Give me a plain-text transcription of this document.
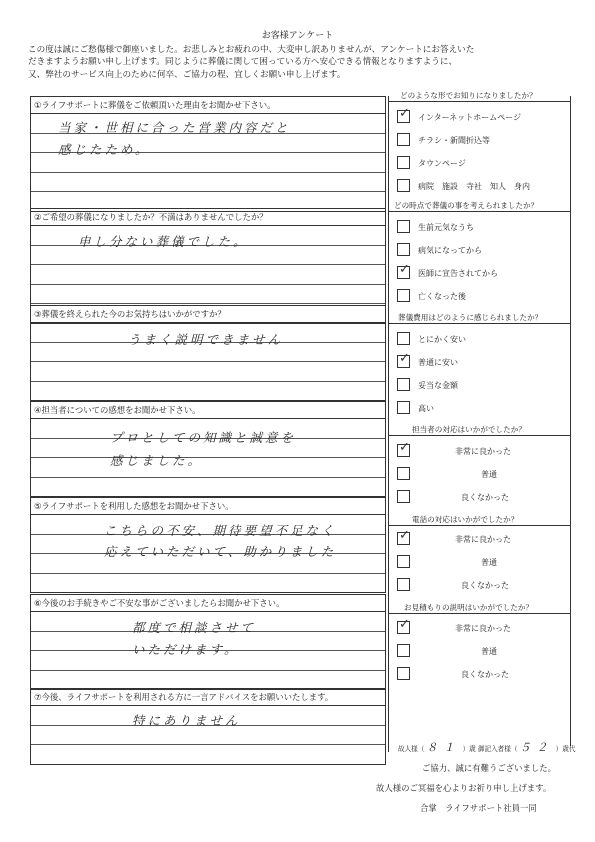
お客様アンケート
この度は誠にご愁傷様で御座いました。お悲しみとお疲れの中、大変申し訳ありませんが、アンケートにお答えいた
だきますようお願い申し上げます。同じように葬儀に関して困っている方へ安心できる情報となりますように、
又、弊社のサービス向上のために何卒、ご協力の程、宜しくお願い申し上げます。
①ライフサポートに葬儀をご依頼頂いた理由をお聞かせ下さい。
当家・世相に合った営業内容だと
感じたため。
②ご希望の葬儀になりましたか？不満はありませんでしたか？
申し分ない葬儀でした。
③葬儀を終えられた今のお気持ちはいかがですか？
うまく説明できません
④担当者についての感想をお聞かせ下さい。
プロとしての知識と誠意を
感じました。
⑤ライフサポートを利用した感想をお聞かせ下さい。
こちらの不安、期待要望不足なく
応えていただいて、助かりました
⑥今後のお手続きやご不安な事がございましたらお聞かせ下さい。
都度で相談させて
いただけます。
⑦今後、ライフサポートを利用される方に一言アドバイスをお願いいたします。
特にありません
どのような形でお知りになりましたか？
✓
インターネットホームページ
チラシ・新聞折込等
タウンページ
病院　施設　寺社　知人　身内
どの時点で葬儀の事を考えられましたか？
生前元気なうち
病気になってから
✓
医師に宣告されてから
亡くなった後
葬儀費用はどのように感じられましたか？
とにかく安い
✓
普通に安い
妥当な金額
高い
担当者の対応はいかがでしたか？
✓
非常に良かった
普通
良くなかった
電話の対応はいかがでしたか？
✓
非常に良かった
普通
良くなかった
お見積もりの説明はいかがでしたか？
✓
非常に良かった
普通
良くなかった
故人様（ ８１ ）歳 御記入者様（ ５２ ）歳代
ご協力、誠に有難うございました。
故人様のご冥福を心よりお祈り申し上げます。
合掌　ライフサポート社員一同
